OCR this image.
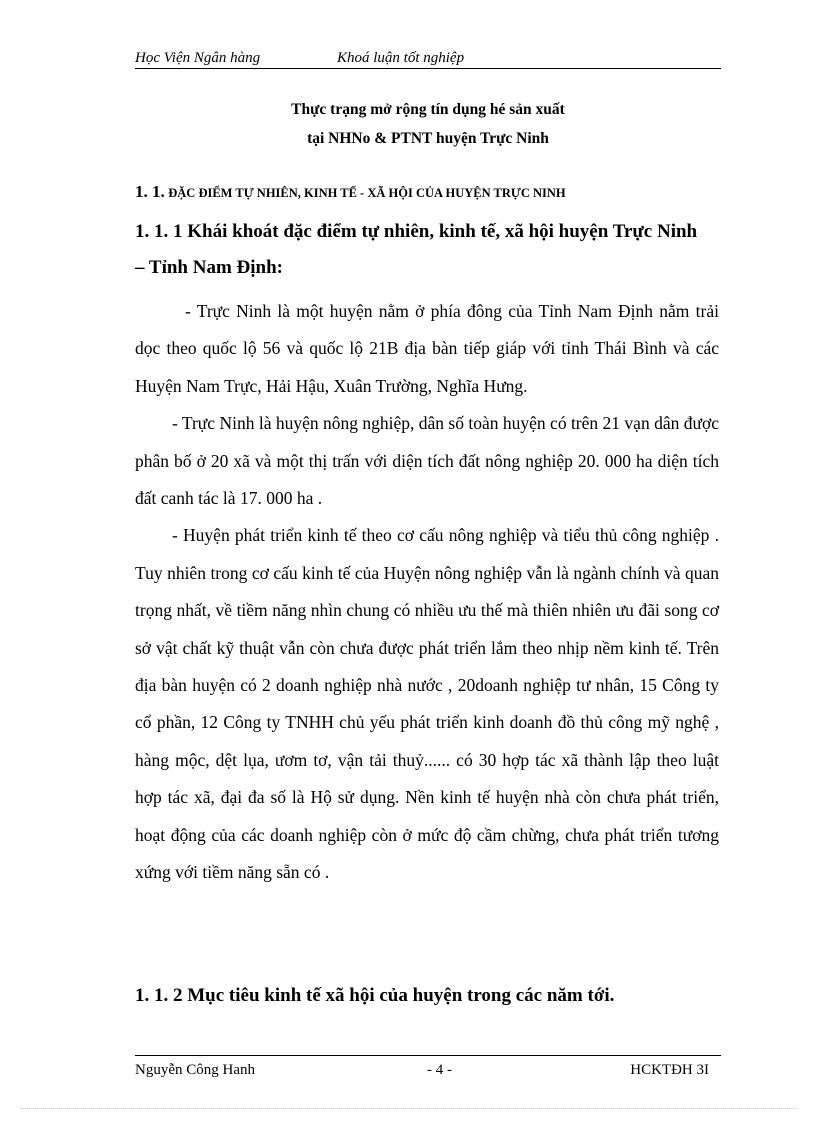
Học Viện Ngân hàng	Khoá luận tốt nghiệp
Thực trạng mở rộng tín dụng hé sản xuất
tại NHNo & PTNT huyện Trực Ninh
1. 1. ĐẶC ĐIỂM TỰ NHIÊN, KINH TẾ - XÃ HỘI CỦA HUYỆN TRỰC NINH
1. 1. 1 Khái khoát đặc điểm tự nhiên, kinh tế, xã hội huyện Trực Ninh
– Tỉnh Nam Định:

- Trực Ninh là một huyện nằm ở phía đông của Tỉnh Nam Định nằm trải dọc theo quốc lộ 56 và quốc lộ 21B địa bàn tiếp giáp với tỉnh Thái Bình và các Huyện Nam Trực, Hải Hậu, Xuân Trường, Nghĩa Hưng.

- Trực Ninh là huyện nông nghiệp, dân số toàn huyện có trên 21 vạn dân được phân bố ở 20 xã và một thị trấn với diện tích đất nông nghiệp 20. 000 ha diện tích đất canh tác là 17. 000 ha .

- Huyện phát triển kinh tế theo cơ cấu nông nghiệp và tiểu thủ công nghiệp . Tuy nhiên trong cơ cấu kinh tế của Huyện nông nghiệp vẫn là ngành chính và quan trọng nhất, về tiềm năng nhìn chung có nhiều ưu thế mà thiên nhiên ưu đãi song cơ sở vật chất kỹ thuật vẫn còn chưa được phát triển lắm theo nhịp nềm kinh tế. Trên địa bàn huyện có 2 doanh nghiệp nhà nước , 20doanh nghiệp tư nhân, 15 Công ty cổ phần, 12 Công ty TNHH chủ yếu phát triển kinh doanh đồ thủ công mỹ nghệ , hàng mộc, dệt lụa, ươm tơ, vận tải thuỷ...... có 30 hợp tác xã thành lập theo luật hợp tác xã, đại đa số là Hộ sử dụng. Nền kinh tế huyện nhà còn chưa phát triển, hoạt động của các doanh nghiệp còn ở mức độ cầm chừng, chưa phát triển tương xứng với tiềm năng sẵn có .

1. 1. 2 Mục tiêu kinh tế xã hội của huyện trong các năm tới.
Nguyễn Công Hanh	- 4 -	HCKTĐH 3I
